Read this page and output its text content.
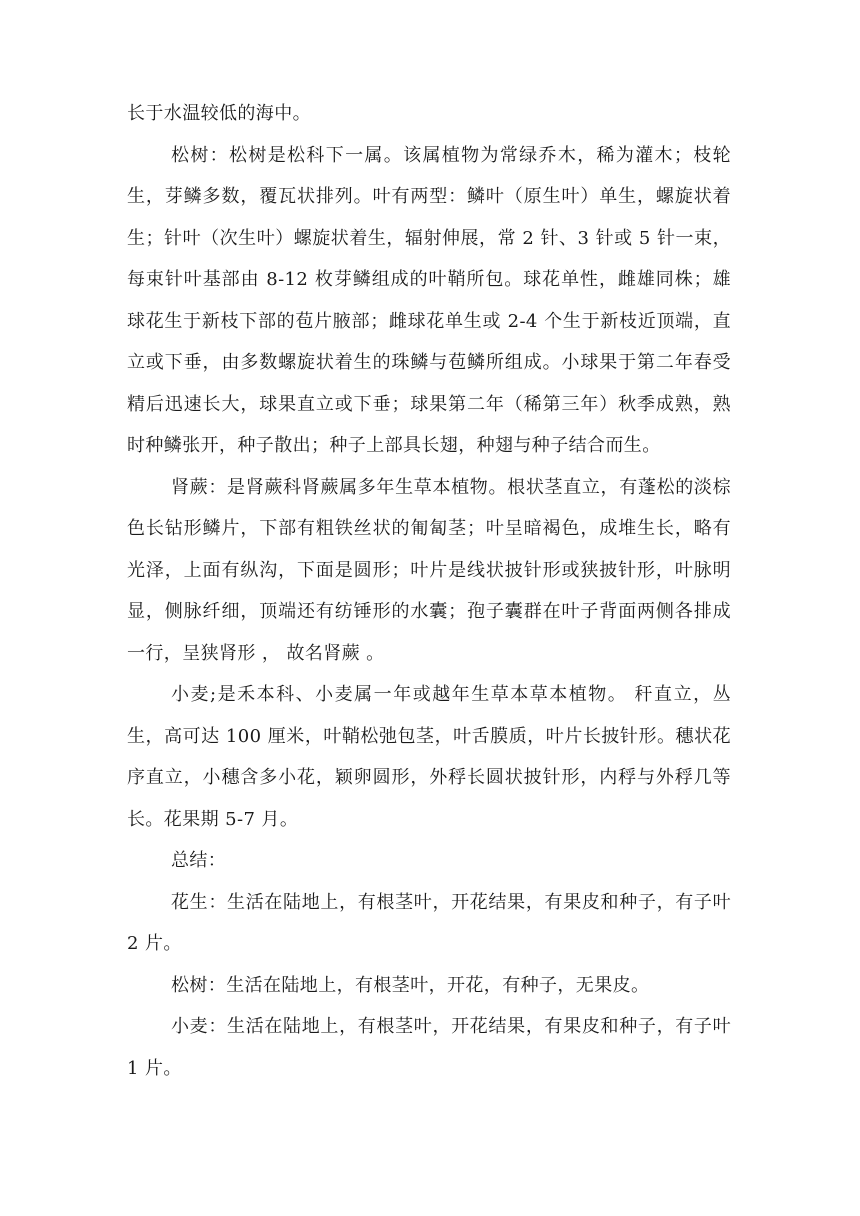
长于水温较低的海中。

松树：松树是松科下一属。该属植物为常绿乔木，稀为灌木；枝轮生，芽鳞多数，覆瓦状排列。叶有两型：鳞叶（原生叶）单生，螺旋状着生；针叶（次生叶）螺旋状着生，辐射伸展，常 2 针、3 针或 5 针一束，每束针叶基部由 8-12 枚芽鳞组成的叶鞘所包。球花单性，雌雄同株；雄球花生于新枝下部的苞片腋部；雌球花单生或 2-4 个生于新枝近顶端，直立或下垂，由多数螺旋状着生的珠鳞与苞鳞所组成。小球果于第二年春受精后迅速长大，球果直立或下垂；球果第二年（稀第三年）秋季成熟，熟时种鳞张开，种子散出；种子上部具长翅，种翅与种子结合而生。

肾蕨：是肾蕨科肾蕨属多年生草本植物。根状茎直立，有蓬松的淡棕色长钻形鳞片，下部有粗铁丝状的匍匐茎；叶呈暗褐色，成堆生长，略有光泽，上面有纵沟，下面是圆形；叶片是线状披针形或狭披针形，叶脉明显，侧脉纤细，顶端还有纺锤形的水囊；孢子囊群在叶子背面两侧各排成一行，呈狭肾形 ， 故名肾蕨 。

小麦;是禾本科、小麦属一年或越年生草本草本植物。 秆直立，丛生，高可达 100 厘米，叶鞘松弛包茎，叶舌膜质，叶片长披针形。穗状花序直立，小穗含多小花，颖卵圆形，外稃长圆状披针形，内稃与外稃几等长。花果期 5-7 月。

总结：

花生：生活在陆地上，有根茎叶，开花结果，有果皮和种子，有子叶 2 片。

松树：生活在陆地上，有根茎叶，开花，有种子，无果皮。

小麦：生活在陆地上，有根茎叶，开花结果，有果皮和种子，有子叶 1 片。
